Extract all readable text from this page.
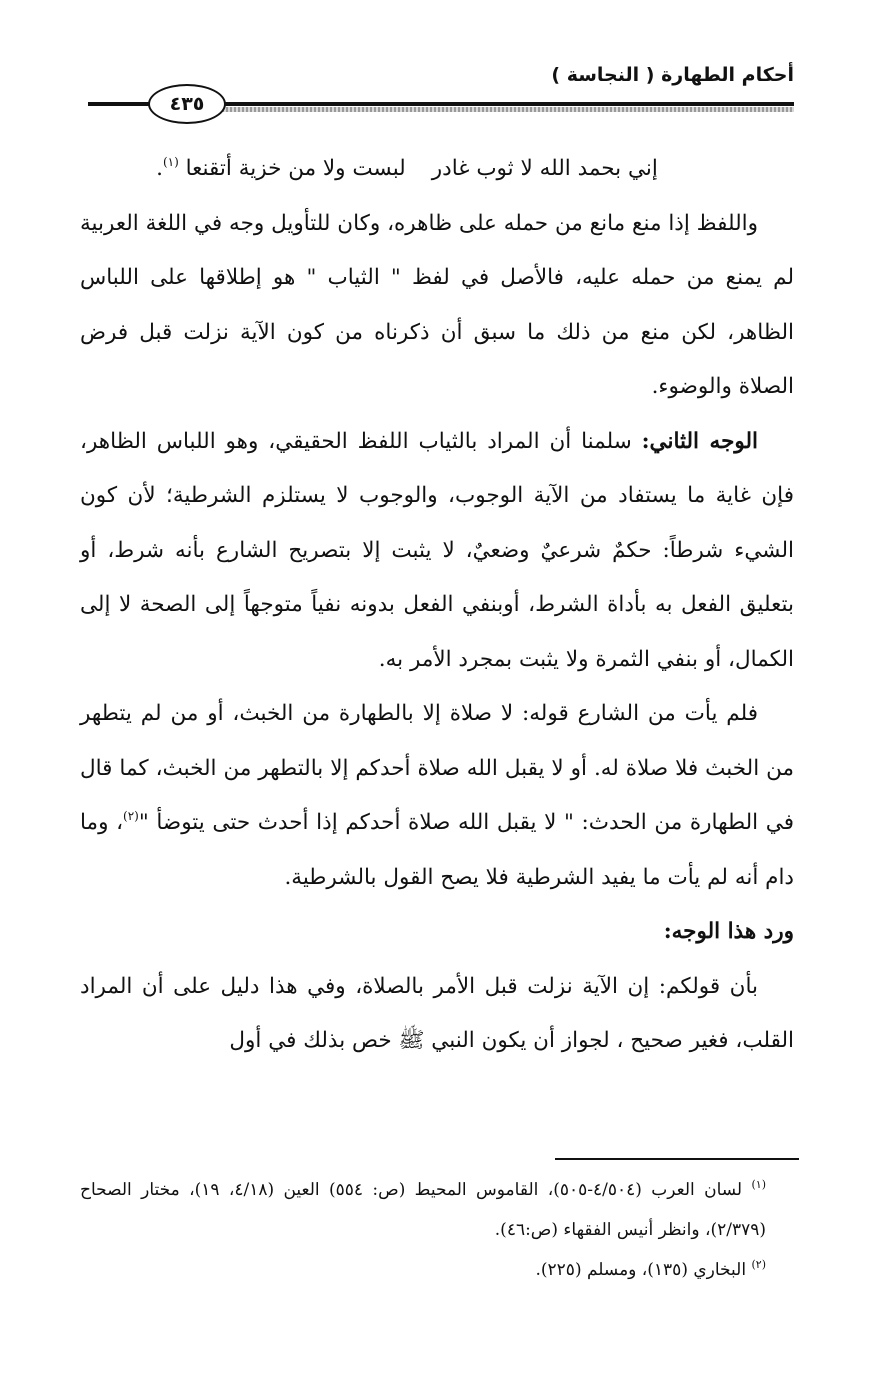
أحكام الطهارة ( النجاسة )
٤٣٥

إني بحمد الله لا ثوب غادرلبست ولا من خزية أتقنعا $^{(١)}$.

واللفظ إذا منع مانع من حمله على ظاهره، وكان للتأويل وجه في اللغة العربية لم يمنع من حمله عليه، فالأصل في لفظ " الثياب " هو إطلاقها على اللباس الظاهر، لكن منع من ذلك ما سبق أن ذكرناه من كون الآية نزلت قبل فرض الصلاة والوضوء.

الوجه الثاني: سلمنا أن المراد بالثياب اللفظ الحقيقي، وهو اللباس الظاهر، فإن غاية ما يستفاد من الآية الوجوب، والوجوب لا يستلزم الشرطية؛ لأن كون الشيء شرطاً: حكمٌ شرعيٌ وضعيٌ، لا يثبت إلا بتصريح الشارع بأنه شرط، أو بتعليق الفعل به بأداة الشرط، أوبنفي الفعل بدونه نفياً متوجهاً إلى الصحة لا إلى الكمال، أو بنفي الثمرة ولا يثبت بمجرد الأمر به.

فلم يأت من الشارع قوله: لا صلاة إلا بالطهارة من الخبث، أو من لم يتطهر من الخبث فلا صلاة له. أو لا يقبل الله صلاة أحدكم إلا بالتطهر من الخبث، كما قال في الطهارة من الحدث: " لا يقبل الله صلاة أحدكم إذا أحدث حتى يتوضأ "$^{(٢)}$، وما دام أنه لم يأت ما يفيد الشرطية فلا يصح القول بالشرطية.

ورد هذا الوجه:

بأن قولكم: إن الآية نزلت قبل الأمر بالصلاة، وفي هذا دليل على أن المراد القلب، فغير صحيح ، لجواز أن يكون النبي ﷺ خص بذلك في أول

$^{(١)}$ لسان العرب (٤/٥٠٤-٥٠٥)، القاموس المحيط (ص: ٥٥٤) العين (٤/١٨، ١٩)، مختار الصحاح (٢/٣٧٩)، وانظر أنيس الفقهاء (ص:٤٦).

$^{(٢)}$ البخاري (١٣٥)، ومسلم (٢٢٥).
